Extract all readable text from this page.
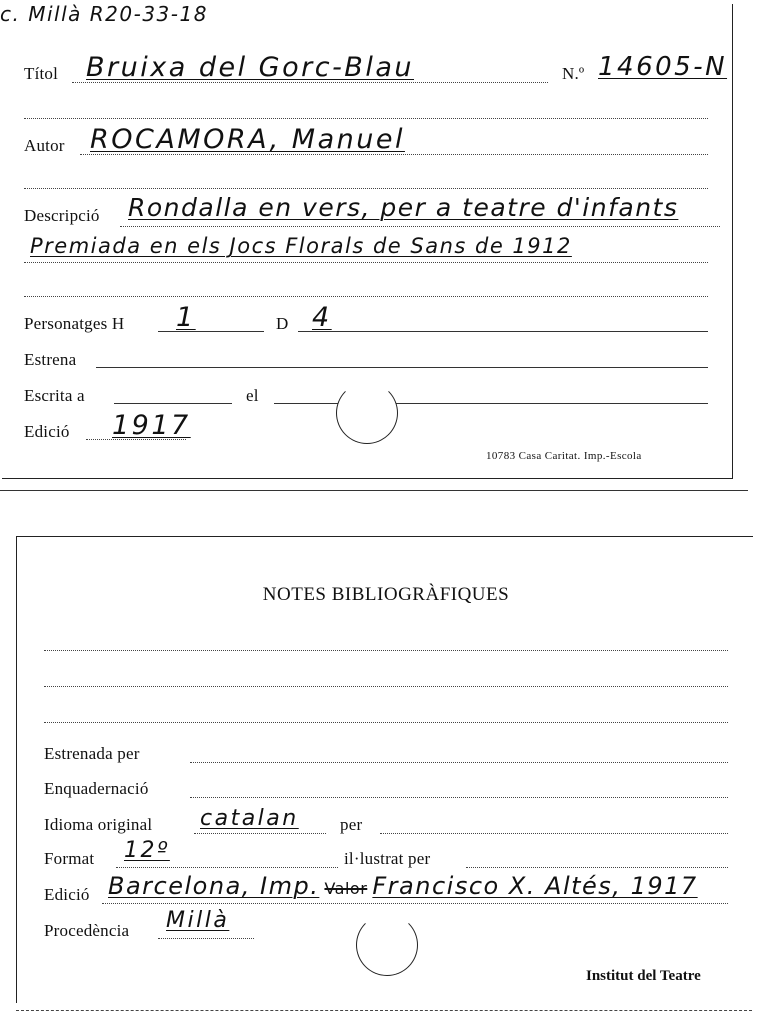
c. Millà R20-33-18
Títol Bruixa del Gorc-Blau	N.º 14605-N
Autor ROCAMORA, Manuel
Descripció Rondalla en vers, per a teatre d'infants
Premiada en els Jocs Florals de Sans de 1912
Personatges H 1	D 4
Estrena
Escrita a	el
Edició 1917
10783 Casa Caritat. Imp.-Escola
NOTES BIBLIOGRÀFIQUES
Estrenada per
Enquadernació
Idioma original catalan per
Format 12º	il·lustrat per
Edició Barcelona, Imp. Valor Francisco X. Altés, 1917
Procedència Millà
Institut del Teatre
